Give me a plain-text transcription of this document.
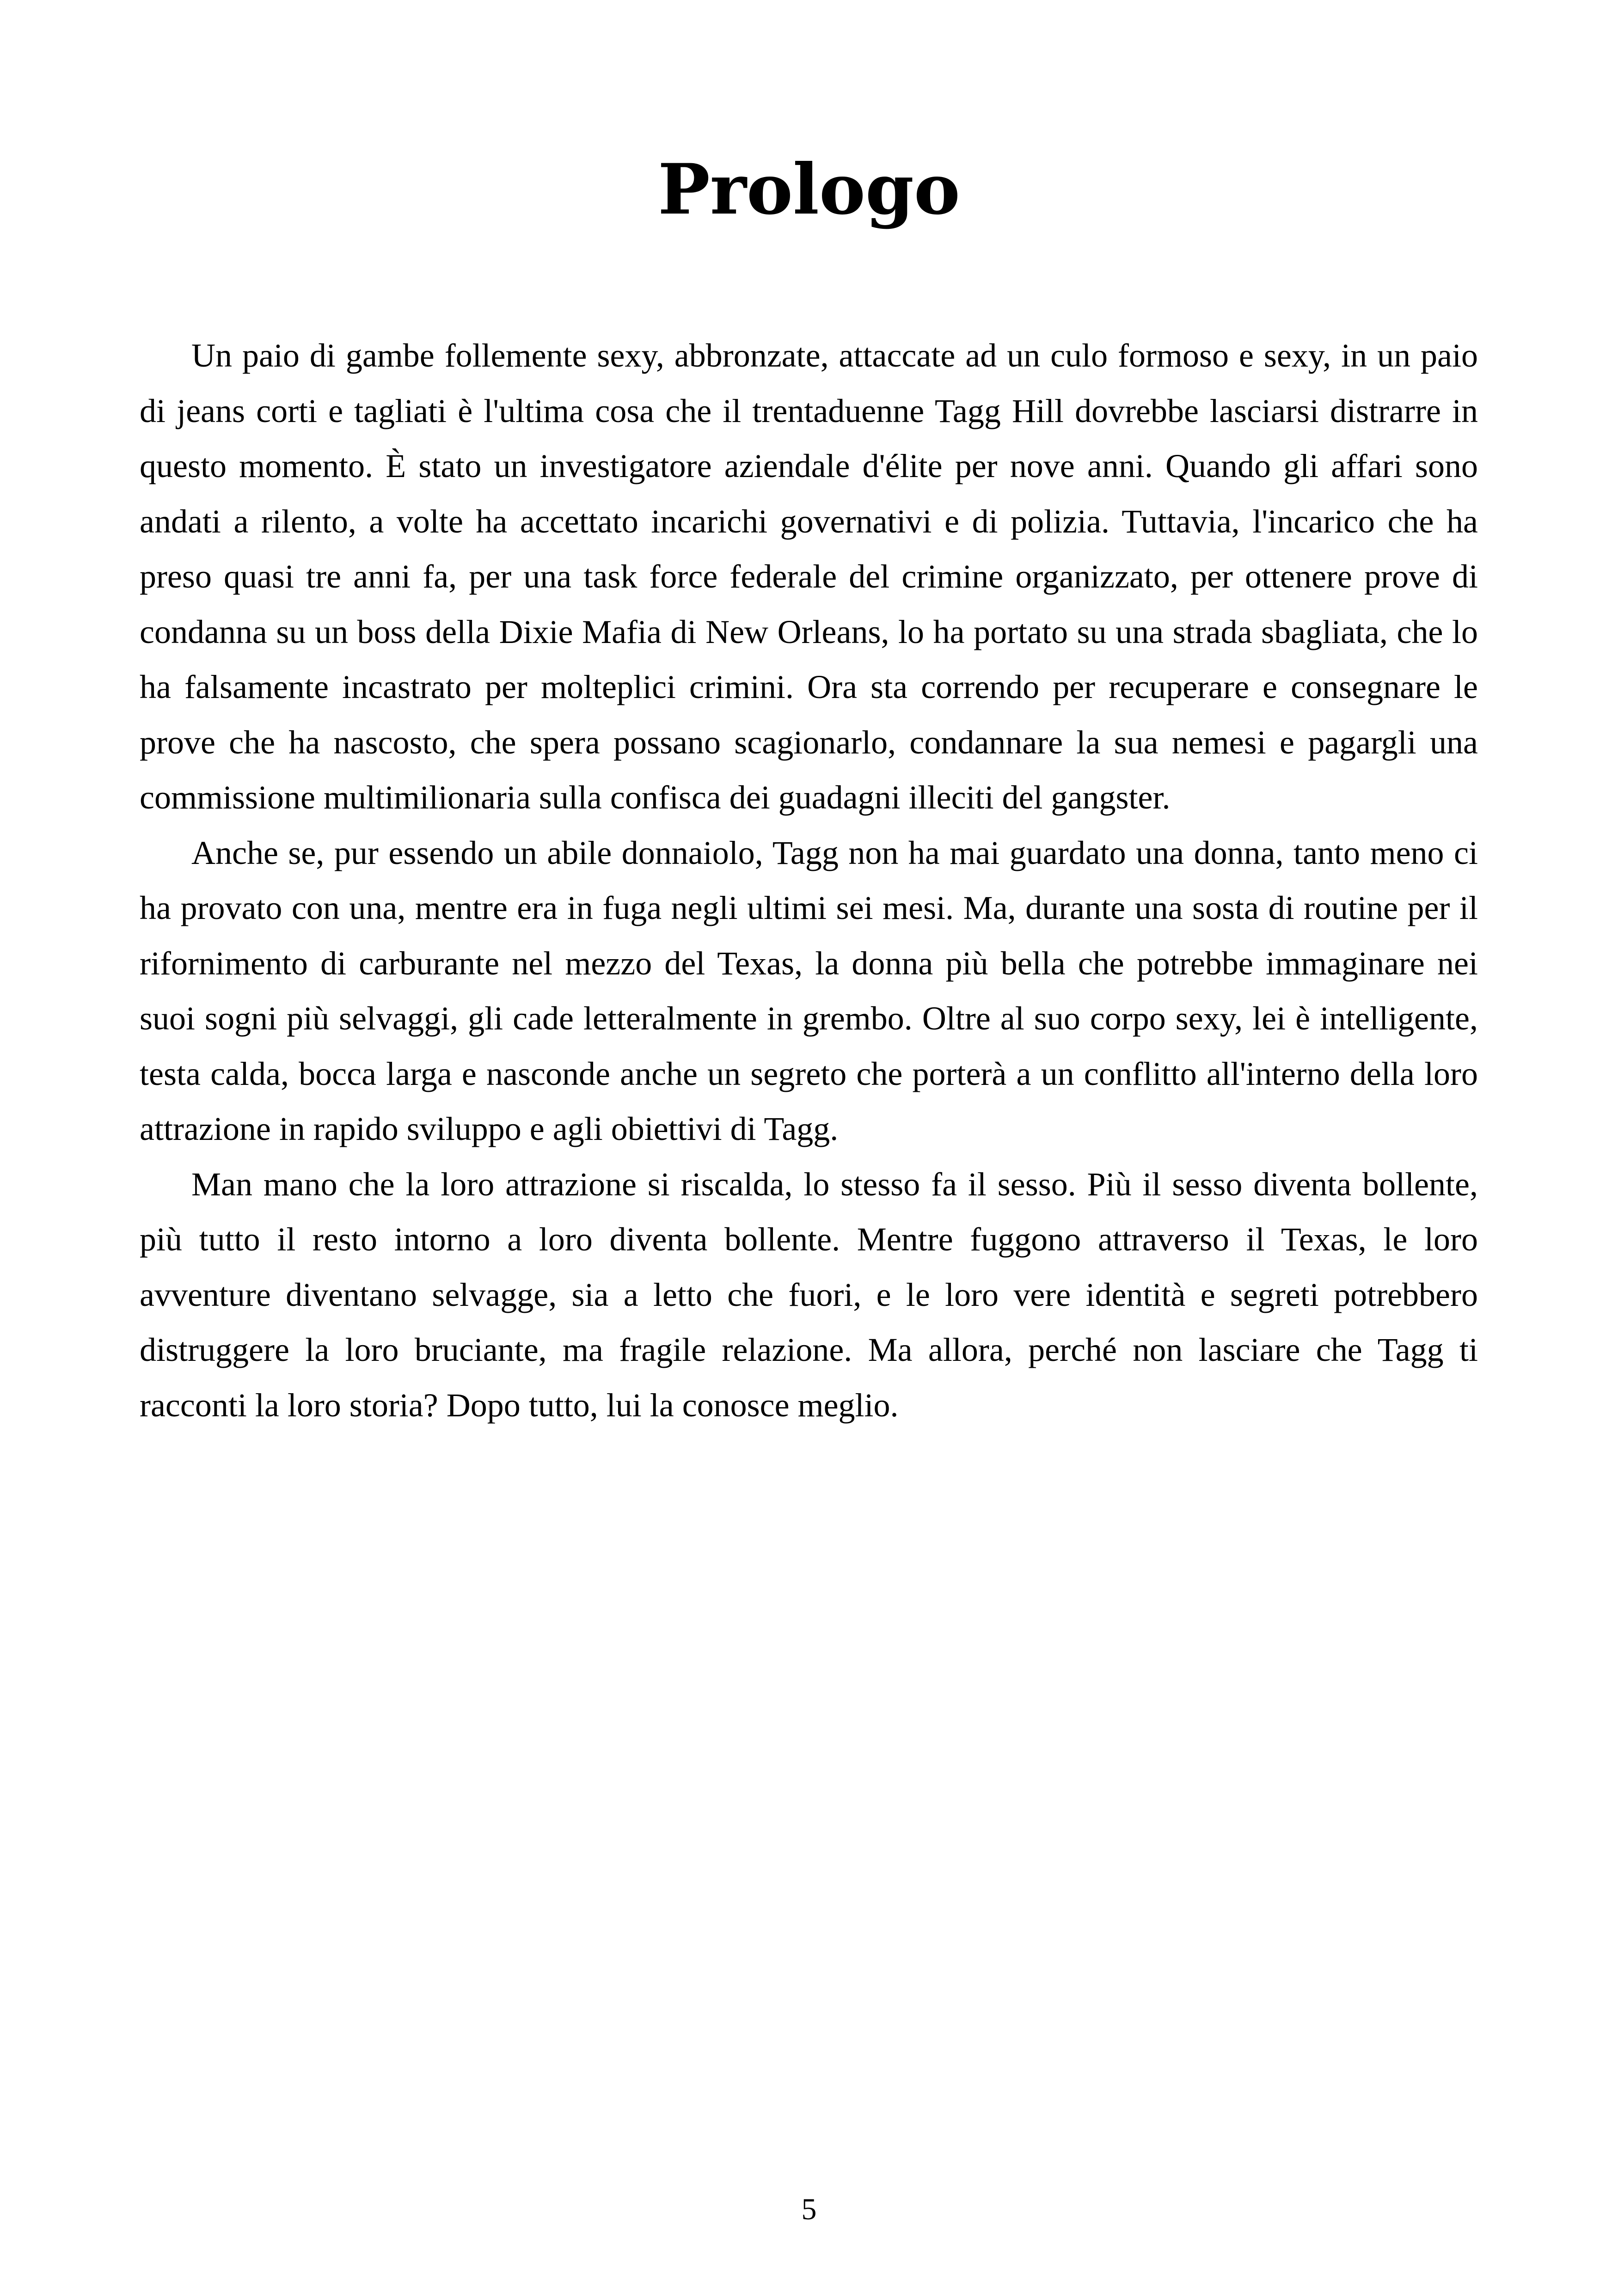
Prologo

Un paio di gambe follemente sexy, abbronzate, attaccate ad un culo formoso e sexy, in un paio di jeans corti e tagliati è l'ultima cosa che il trentaduenne Tagg Hill dovrebbe lasciarsi distrarre in questo momento. È stato un investigatore aziendale d'élite per nove anni. Quando gli affari sono andati a rilento, a volte ha accettato incarichi governativi e di polizia. Tuttavia, l'incarico che ha preso quasi tre anni fa, per una task force federale del crimine organizzato, per ottenere prove di condanna su un boss della Dixie Mafia di New Orleans, lo ha portato su una strada sbagliata, che lo ha falsamente incastrato per molteplici crimini. Ora sta correndo per recuperare e consegnare le prove che ha nascosto, che spera possano scagionarlo, condannare la sua nemesi e pagargli una commissione multimilionaria sulla confisca dei guadagni illeciti del gangster.

Anche se, pur essendo un abile donnaiolo, Tagg non ha mai guardato una donna, tanto meno ci ha provato con una, mentre era in fuga negli ultimi sei mesi. Ma, durante una sosta di routine per il rifornimento di carburante nel mezzo del Texas, la donna più bella che potrebbe immaginare nei suoi sogni più selvaggi, gli cade letteralmente in grembo. Oltre al suo corpo sexy, lei è intelligente, testa calda, bocca larga e nasconde anche un segreto che porterà a un conflitto all'interno della loro attrazione in rapido sviluppo e agli obiettivi di Tagg.

Man mano che la loro attrazione si riscalda, lo stesso fa il sesso. Più il sesso diventa bollente, più tutto il resto intorno a loro diventa bollente. Mentre fuggono attraverso il Texas, le loro avventure diventano selvagge, sia a letto che fuori, e le loro vere identità e segreti potrebbero distruggere la loro bruciante, ma fragile relazione. Ma allora, perché non lasciare che Tagg ti racconti la loro storia? Dopo tutto, lui la conosce meglio.

5
